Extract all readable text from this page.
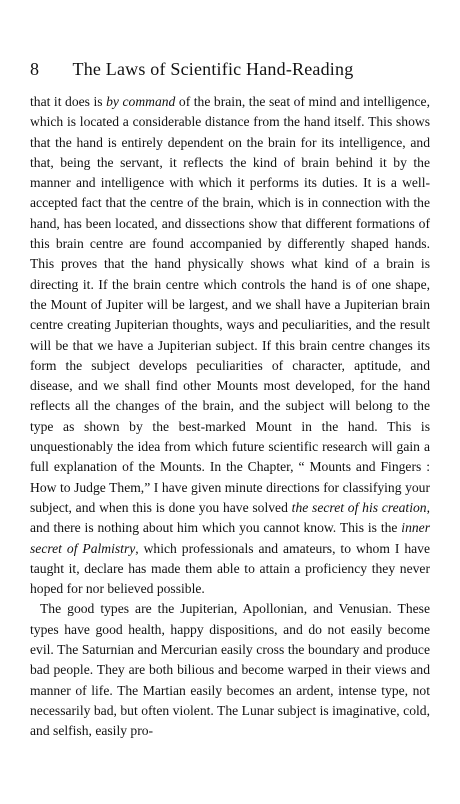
8 The Laws of Scientific Hand-Reading

that it does is by command of the brain, the seat of mind and intelligence, which is located a considerable distance from the hand itself. This shows that the hand is entirely dependent on the brain for its intelligence, and that, being the servant, it reflects the kind of brain behind it by the manner and intelligence with which it performs its duties. It is a well-accepted fact that the centre of the brain, which is in connection with the hand, has been located, and dissections show that different formations of this brain centre are found accompanied by differently shaped hands. This proves that the hand physically shows what kind of a brain is directing it. If the brain centre which controls the hand is of one shape, the Mount of Jupiter will be largest, and we shall have a Jupiterian brain centre creating Jupiterian thoughts, ways and peculiarities, and the result will be that we have a Jupiterian subject. If this brain centre changes its form the subject develops peculiarities of character, aptitude, and disease, and we shall find other Mounts most developed, for the hand reflects all the changes of the brain, and the subject will belong to the type as shown by the best-marked Mount in the hand. This is unquestionably the idea from which future scientific research will gain a full explanation of the Mounts. In the Chapter, “ Mounts and Fingers : How to Judge Them,” I have given minute directions for classifying your subject, and when this is done you have solved the secret of his creation, and there is nothing about him which you cannot know. This is the inner secret of Palmistry, which professionals and amateurs, to whom I have taught it, declare has made them able to attain a proficiency they never hoped for nor believed possible.

The good types are the Jupiterian, Apollonian, and Venusian. These types have good health, happy dispositions, and do not easily become evil. The Saturnian and Mercurian easily cross the boundary and produce bad people. They are both bilious and become warped in their views and manner of life. The Martian easily becomes an ardent, intense type, not necessarily bad, but often violent. The Lunar subject is imaginative, cold, and selfish, easily pro-
